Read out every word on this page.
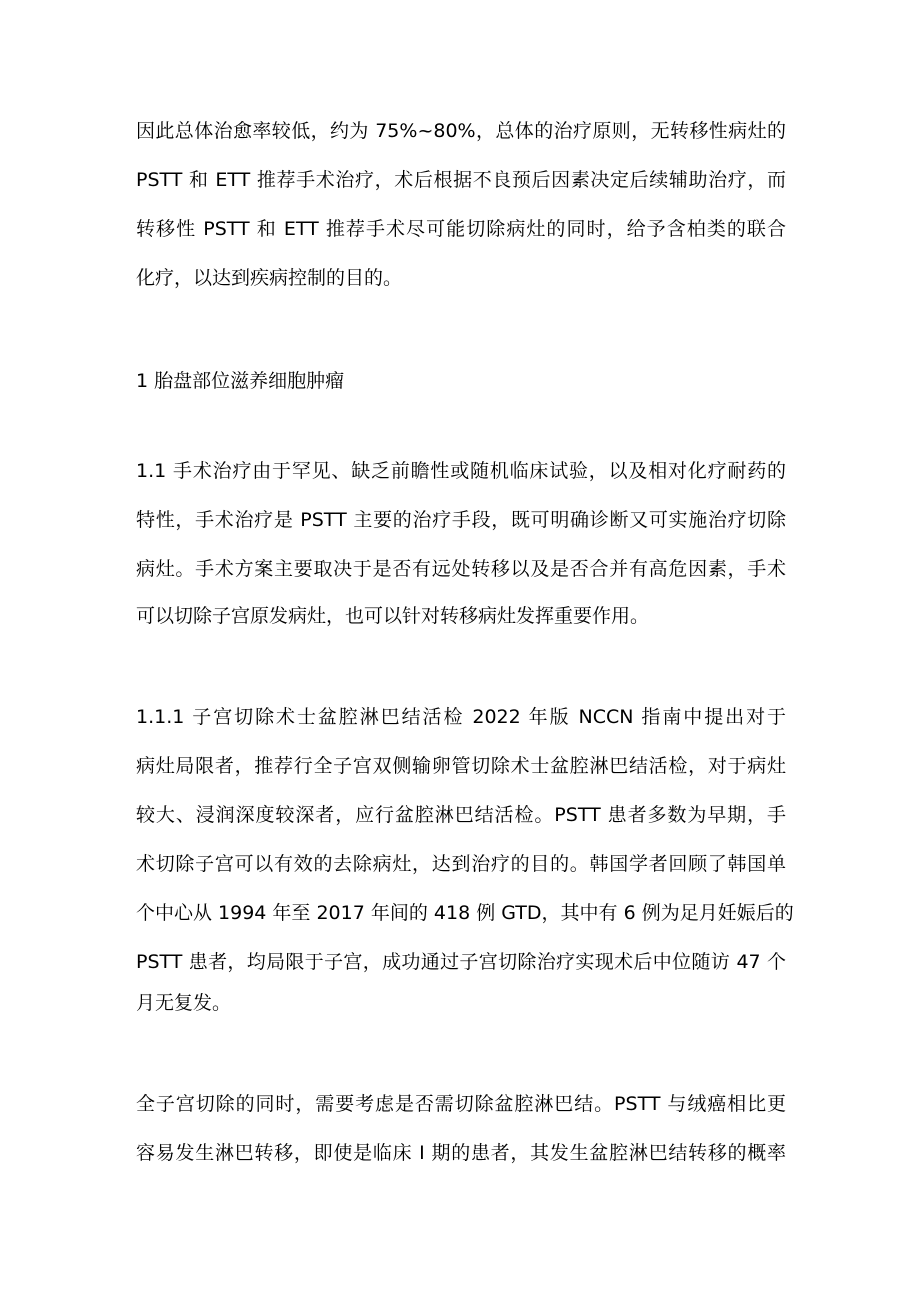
因此总体治愈率较低，约为 75%~80%，总体的治疗原则，无转移性病灶的
PSTT 和 ETT 推荐手术治疗，术后根据不良预后因素决定后续辅助治疗，而
转移性 PSTT 和 ETT 推荐手术尽可能切除病灶的同时，给予含柏类的联合
化疗，以达到疾病控制的目的。
1 胎盘部位滋养细胞肿瘤
1.1 手术治疗由于罕见、缺乏前瞻性或随机临床试验，以及相对化疗耐药的
特性，手术治疗是 PSTT 主要的治疗手段，既可明确诊断又可实施治疗切除
病灶。手术方案主要取决于是否有远处转移以及是否合并有高危因素，手术
可以切除子宫原发病灶，也可以针对转移病灶发挥重要作用。
1.1.1 子宫切除术士盆腔淋巴结活检 2022 年版 NCCN 指南中提出对于
病灶局限者，推荐行全子宫双侧输卵管切除术士盆腔淋巴结活检，对于病灶
较大、浸润深度较深者，应行盆腔淋巴结活检。PSTT 患者多数为早期，手
术切除子宫可以有效的去除病灶，达到治疗的目的。韩国学者回顾了韩国单
个中心从 1994 年至 2017 年间的 418 例 GTD，其中有 6 例为足月妊娠后的
PSTT 患者，均局限于子宫，成功通过子宫切除治疗实现术后中位随访 47 个
月无复发。
全子宫切除的同时，需要考虑是否需切除盆腔淋巴结。PSTT 与绒癌相比更
容易发生淋巴转移，即使是临床 I 期的患者，其发生盆腔淋巴结转移的概率
